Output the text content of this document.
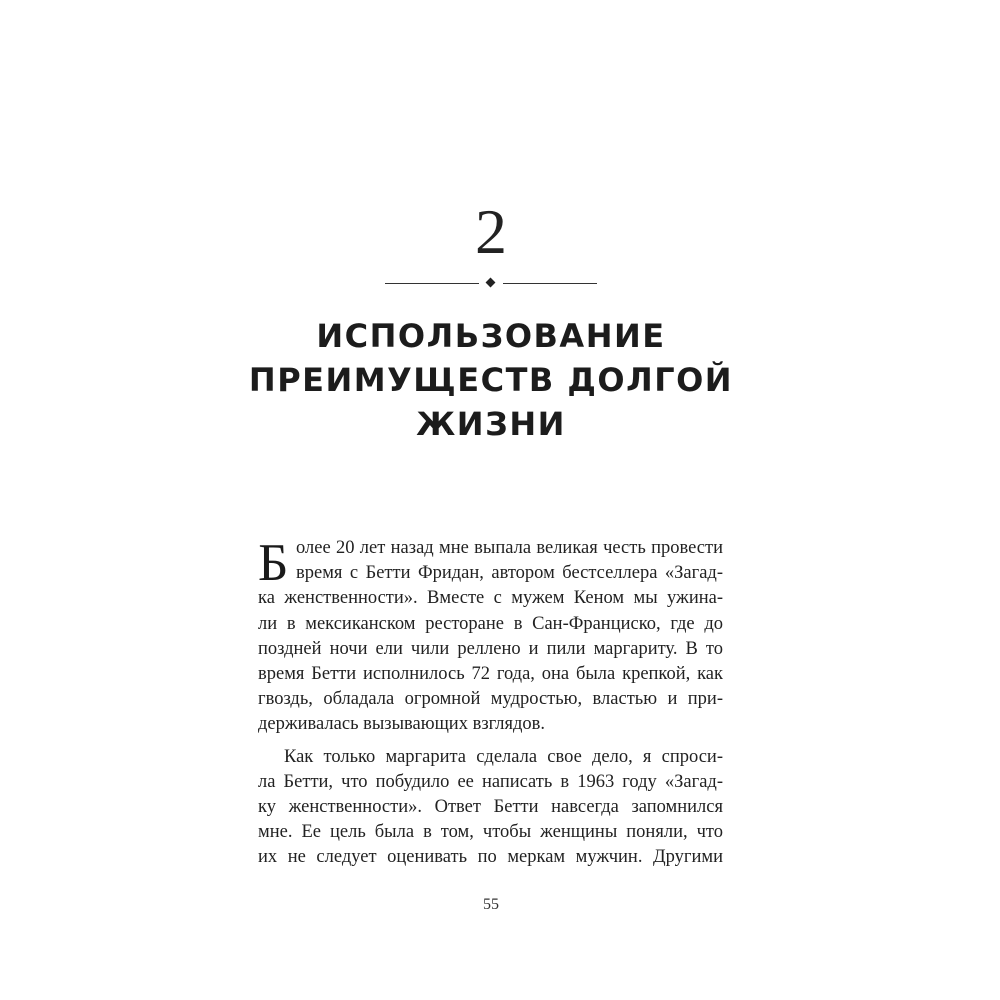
2
ИСПОЛЬЗОВАНИЕ
ПРЕИМУЩЕСТВ ДОЛГОЙ
ЖИЗНИ
Б олее 20 лет назад мне выпала великая честь провести
время с Бетти Фридан, автором бестселлера «Загад-
ка женственности». Вместе с мужем Кеном мы ужина-
ли в мексиканском ресторане в Сан-Франциско, где до
поздней ночи ели чили реллено и пили маргариту. В то
время Бетти исполнилось 72 года, она была крепкой, как
гвоздь, обладала огромной мудростью, властью и при-
держивалась вызывающих взглядов.
Как только маргарита сделала свое дело, я спроси-
ла Бетти, что побудило ее написать в 1963 году «Загад-
ку женственности». Ответ Бетти навсегда запомнился
мне. Ее цель была в том, чтобы женщины поняли, что
их не следует оценивать по меркам мужчин. Другими
55
